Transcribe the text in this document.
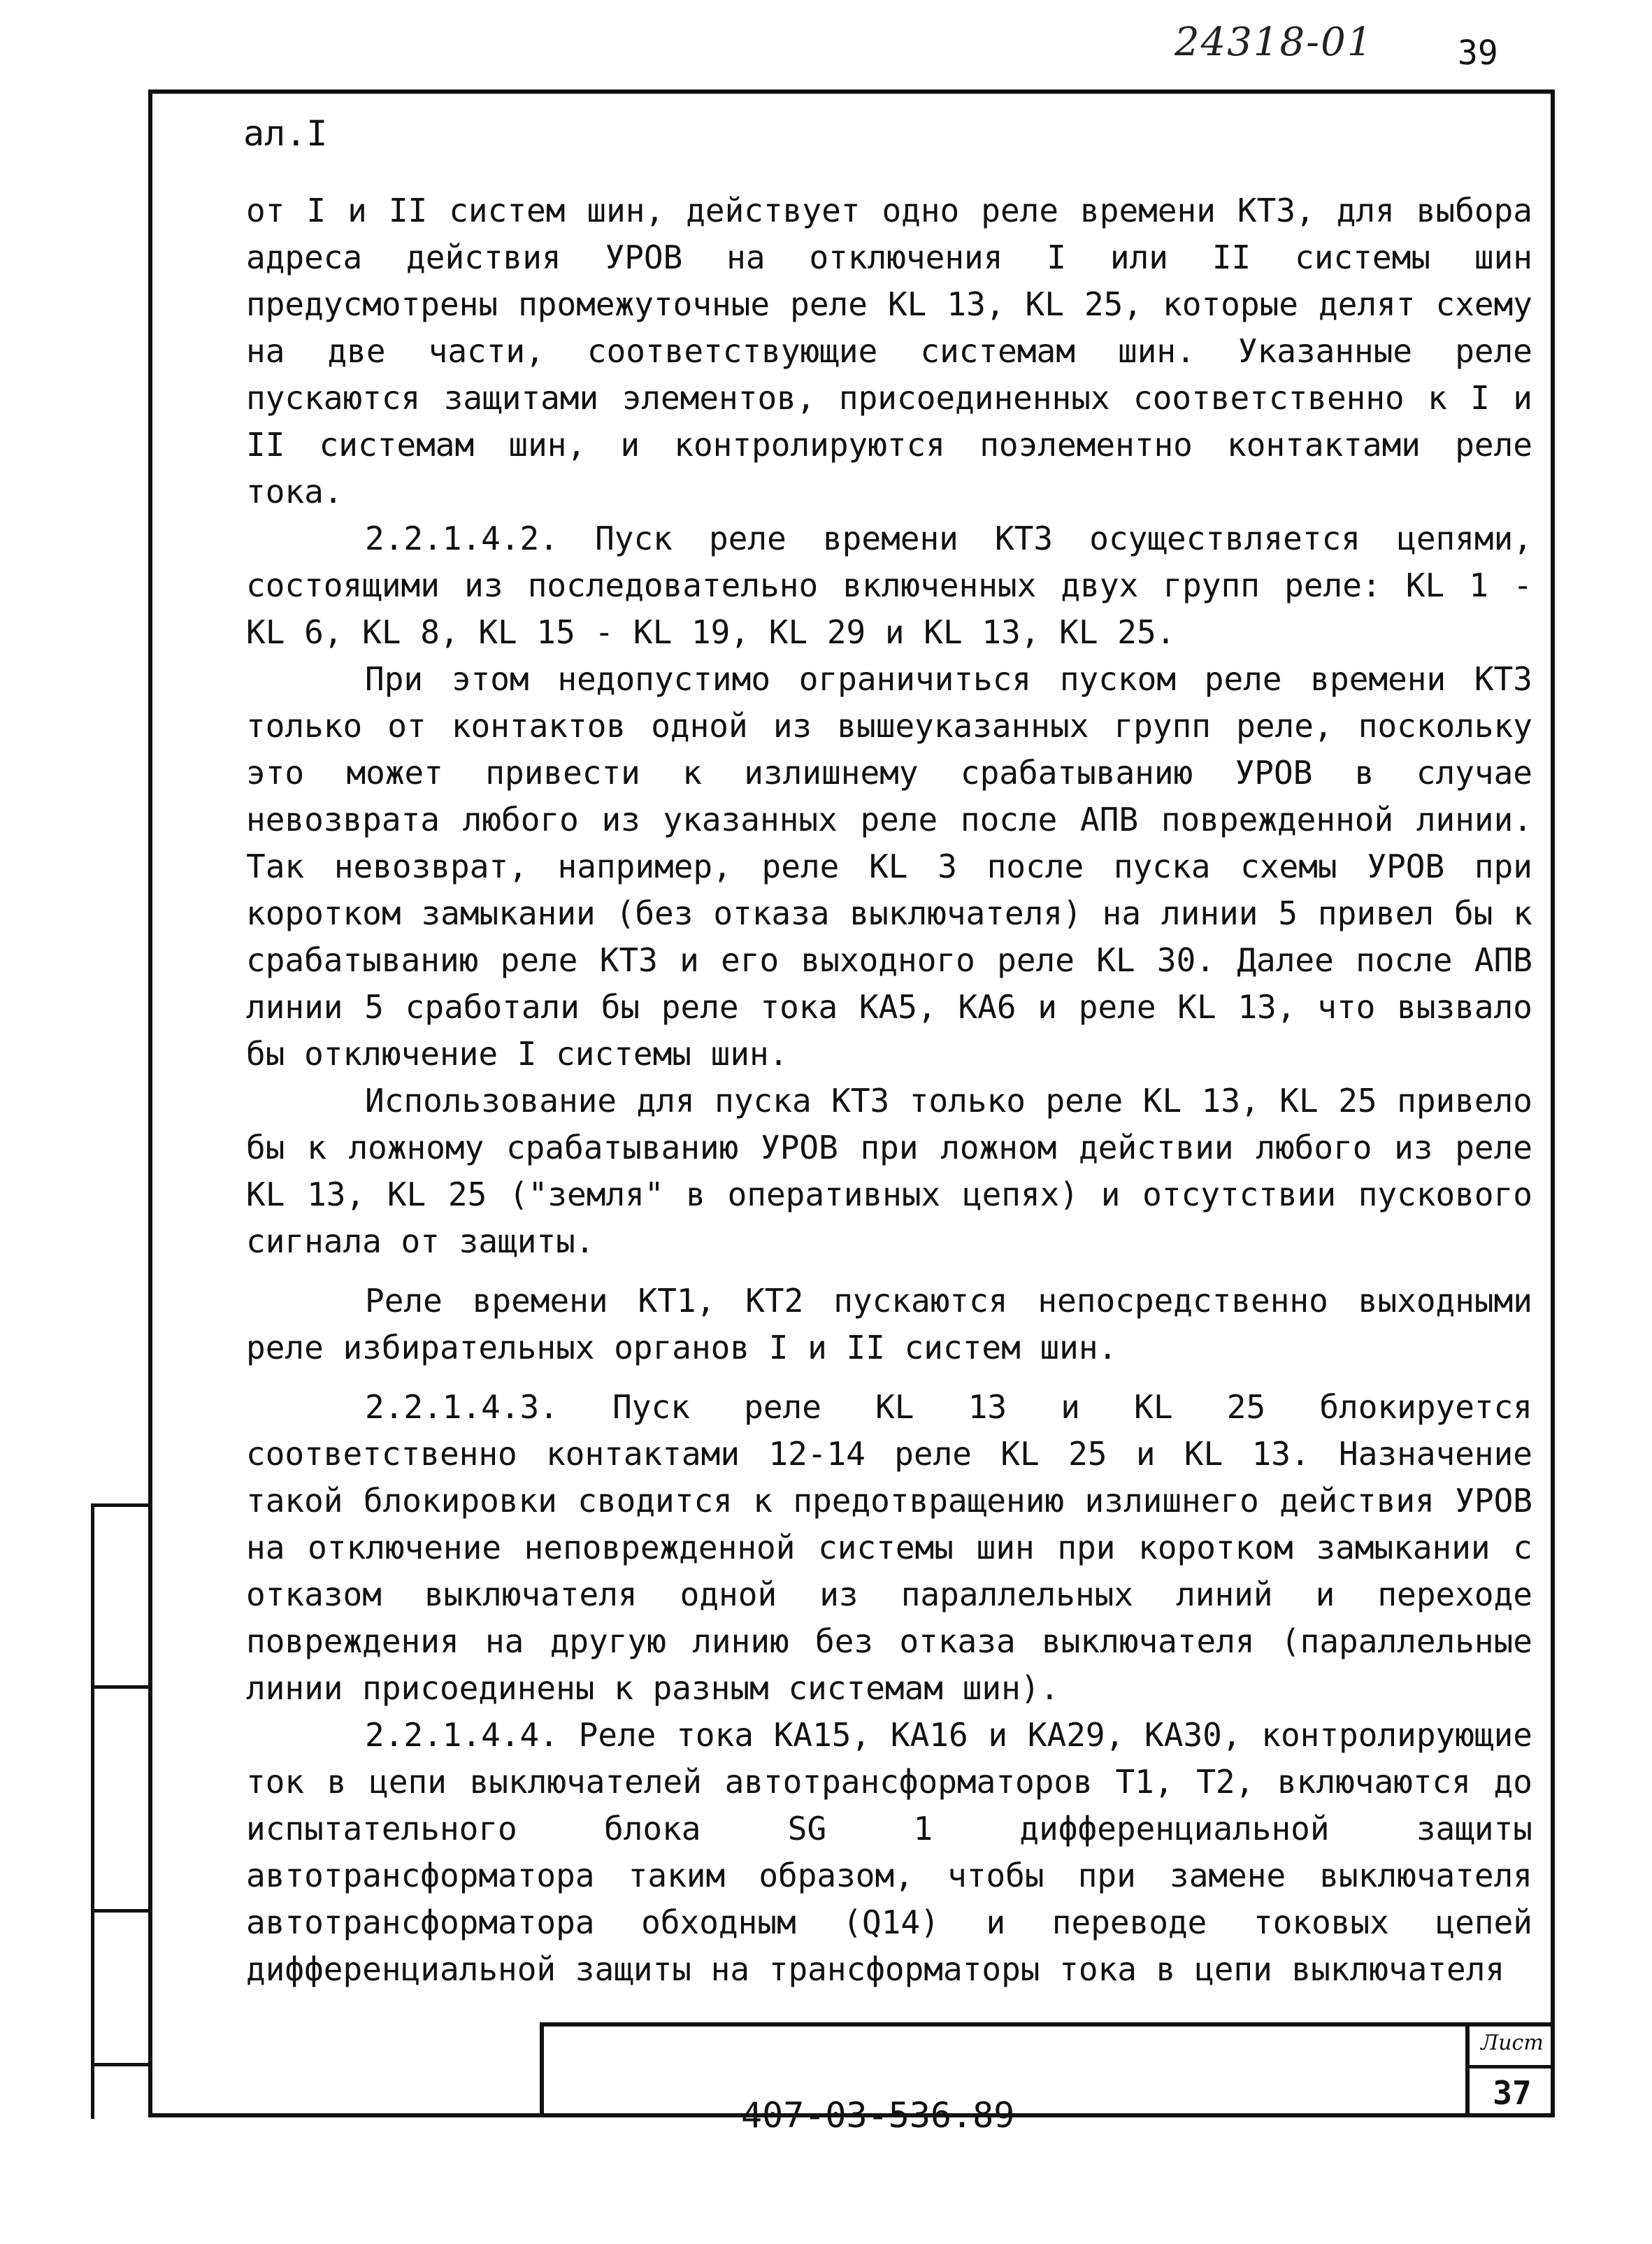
24318-01	39
ал.I

от I и II систем шин, действует одно реле времени КТЗ, для выбора адреса действия УРОВ на отключения I или II системы шин предусмотрены промежуточные реле KL 13, KL 25, которые делят схему на две части, соответствующие системам шин. Указанные реле пускаются защитами элементов, присоединенных соответственно к I и II системам шин, и контролируются поэлементно контактами реле тока.

2.2.1.4.2. Пуск реле времени КТЗ осуществляется цепями, состоящими из последовательно включенных двух групп реле: KL 1 - KL 6, KL 8, KL 15 - KL 19, KL 29 и KL 13, KL 25.

При этом недопустимо ограничиться пуском реле времени КТЗ только от контактов одной из вышеуказанных групп реле, поскольку это может привести к излишнему срабатыванию УРОВ в случае невозврата любого из указанных реле после АПВ поврежденной линии. Так невозврат, например, реле KL 3 после пуска схемы УРОВ при коротком замыкании (без отказа выключателя) на линии 5 привел бы к срабатыванию реле КТЗ и его выходного реле KL 30. Далее после АПВ линии 5 сработали бы реле тока КА5, КА6 и реле KL 13, что вызвало бы отключение I системы шин.

Использование для пуска КТЗ только реле KL 13, KL 25 привело бы к ложному срабатыванию УРОВ при ложном действии любого из реле KL 13, KL 25 ("земля" в оперативных цепях) и отсутствии пускового сигнала от защиты.

Реле времени КТ1, КТ2 пускаются непосредственно выходными реле избирательных органов I и II систем шин.

2.2.1.4.3. Пуск реле KL 13 и KL 25 блокируется соответственно контактами 12-14 реле KL 25 и KL 13. Назначение такой блокировки сводится к предотвращению излишнего действия УРОВ на отключение неповрежденной системы шин при коротком замыкании с отказом выключателя одной из параллельных линий и переходе повреждения на другую линию без отказа выключателя (параллельные линии присоединены к разным системам шин).

2.2.1.4.4. Реле тока КА15, КА16 и КА29, КА30, контролирующие ток в цепи выключателей автотрансформаторов Т1, Т2, включаются до испытательного блока SG 1 дифференциальной защиты автотрансформатора таким образом, чтобы при замене выключателя автотрансформатора обходным (Q14) и переводе токовых цепей дифференциальной защиты на трансформаторы тока в цепи выключателя

407-03-536.89
Лист
37
